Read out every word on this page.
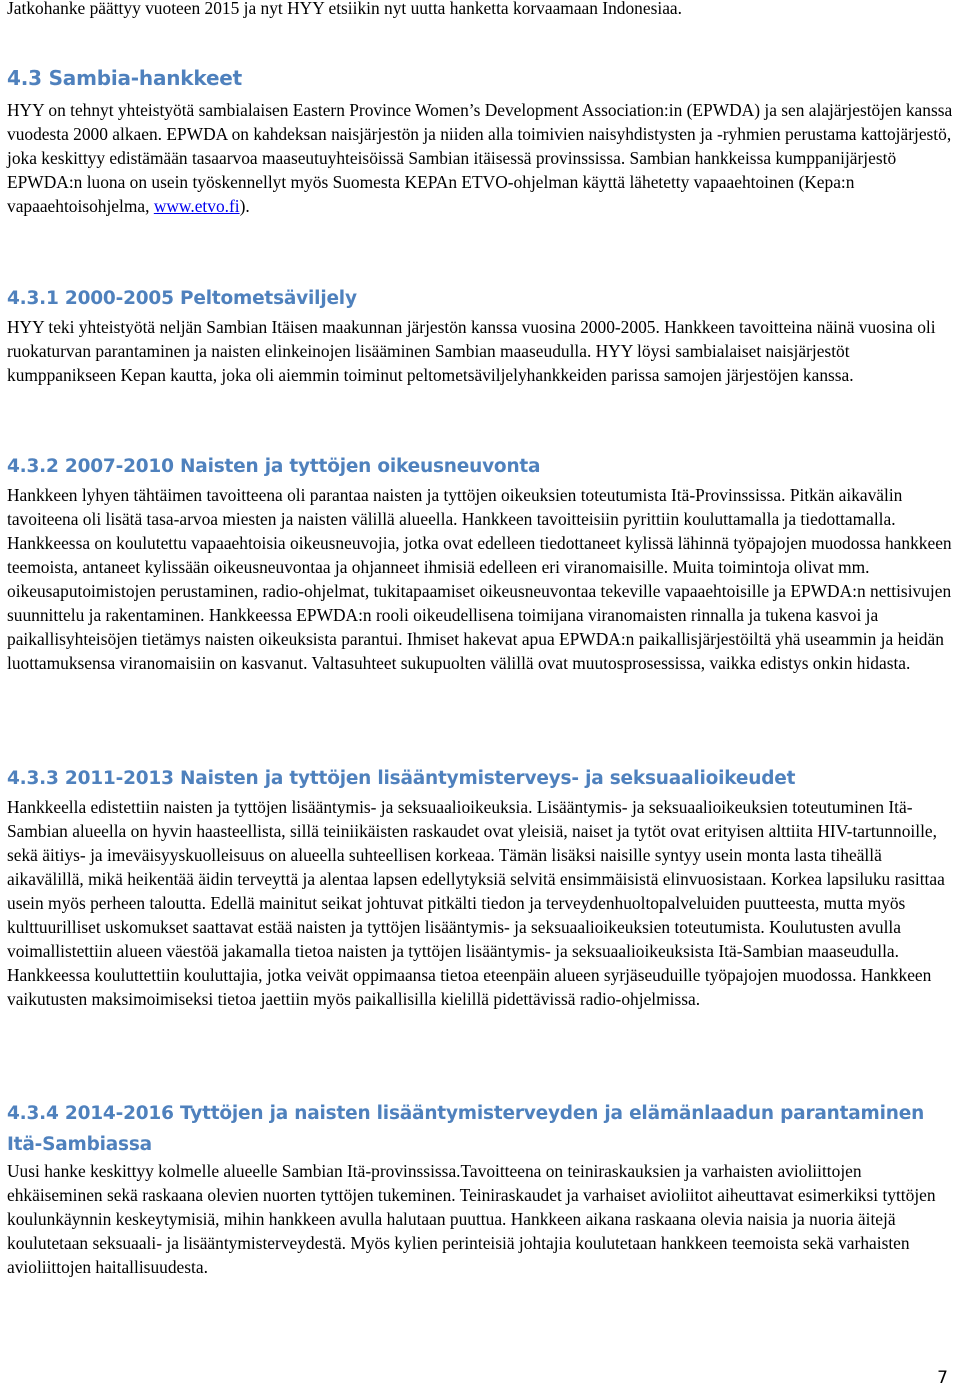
Jatkohanke päättyy vuoteen 2015 ja nyt HYY etsiikin nyt uutta hanketta korvaamaan Indonesiaa.

4.3 Sambia-hankkeet

HYY on tehnyt yhteistyötä sambialaisen Eastern Province Women’s Development Association:in (EPWDA) ja sen alajärjestöjen kanssa vuodesta 2000 alkaen. EPWDA on kahdeksan naisjärjestön ja niiden alla toimivien naisyhdistysten ja -ryhmien perustama kattojärjestö, joka keskittyy edistämään tasaarvoa maaseutuyhteisöissä Sambian itäisessä provinssissa. Sambian hankkeissa kumppanijärjestö EPWDA:n luona on usein työskennellyt myös Suomesta KEPAn ETVO-ohjelman käyttä lähetetty vapaaehtoinen (Kepa:n vapaaehtoisohjelma, www.etvo.fi).

4.3.1 2000-2005 Peltometsäviljely

HYY teki yhteistyötä neljän Sambian Itäisen maakunnan järjestön kanssa vuosina 2000-2005. Hankkeen tavoitteina näinä vuosina oli ruokaturvan parantaminen ja naisten elinkeinojen lisääminen Sambian maaseudulla. HYY löysi sambialaiset naisjärjestöt kumppanikseen Kepan kautta, joka oli aiemmin toiminut peltometsäviljelyhankkeiden parissa samojen järjestöjen kanssa.

4.3.2 2007-2010 Naisten ja tyttöjen oikeusneuvonta

Hankkeen lyhyen tähtäimen tavoitteena oli parantaa naisten ja tyttöjen oikeuksien toteutumista Itä-Provinssissa. Pitkän aikavälin tavoiteena oli lisätä tasa-arvoa miesten ja naisten välillä alueella. Hankkeen tavoitteisiin pyrittiin kouluttamalla ja tiedottamalla. Hankkeessa on koulutettu vapaaehtoisia oikeusneuvojia, jotka ovat edelleen tiedottaneet kylissä lähinnä työpajojen muodossa hankkeen teemoista, antaneet kylissään oikeusneuvontaa ja ohjanneet ihmisiä edelleen eri viranomaisille. Muita toimintoja olivat mm. oikeusaputoimistojen perustaminen, radio-ohjelmat, tukitapaamiset oikeusneuvontaa tekeville vapaaehtoisille ja EPWDA:n nettisivujen suunnittelu ja rakentaminen. Hankkeessa EPWDA:n rooli oikeudellisena toimijana viranomaisten rinnalla ja tukena kasvoi ja paikallisyhteisöjen tietämys naisten oikeuksista parantui. Ihmiset hakevat apua EPWDA:n paikallisjärjestöiltä yhä useammin ja heidän luottamuksensa viranomaisiin on kasvanut. Valtasuhteet sukupuolten välillä ovat muutosprosessissa, vaikka edistys onkin hidasta.

4.3.3 2011-2013 Naisten ja tyttöjen lisääntymisterveys- ja seksuaalioikeudet

Hankkeella edistettiin naisten ja tyttöjen lisääntymis- ja seksuaalioikeuksia. Lisääntymis- ja seksuaalioikeuksien toteutuminen Itä-Sambian alueella on hyvin haasteellista, sillä teiniikäisten raskaudet ovat yleisiä, naiset ja tytöt ovat erityisen alttiita HIV-tartunnoille, sekä äitiys- ja imeväisyyskuolleisuus on alueella suhteellisen korkeaa. Tämän lisäksi naisille syntyy usein monta lasta tiheällä aikavälillä, mikä heikentää äidin terveyttä ja alentaa lapsen edellytyksiä selvitä ensimmäisistä elinvuosistaan. Korkea lapsiluku rasittaa usein myös perheen taloutta. Edellä mainitut seikat johtuvat pitkälti tiedon ja terveydenhuoltopalveluiden puutteesta, mutta myös kulttuurilliset uskomukset saattavat estää naisten ja tyttöjen lisääntymis- ja seksuaalioikeuksien toteutumista. Koulutusten avulla voimallistettiin alueen väestöä jakamalla tietoa naisten ja tyttöjen lisääntymis- ja seksuaalioikeuksista Itä-Sambian maaseudulla. Hankkeessa kouluttettiin kouluttajia, jotka veivät oppimaansa tietoa eteenpäin alueen syrjäseuduille työpajojen muodossa. Hankkeen vaikutusten maksimoimiseksi tietoa jaettiin myös paikallisilla kielillä pidettävissä radio-ohjelmissa.

4.3.4 2014-2016 Tyttöjen ja naisten lisääntymisterveyden ja elämänlaadun parantaminen Itä-Sambiassa

Uusi hanke keskittyy kolmelle alueelle Sambian Itä-provinssissa.Tavoitteena on teiniraskauksien ja varhaisten avioliittojen ehkäiseminen sekä raskaana olevien nuorten tyttöjen tukeminen. Teiniraskaudet ja varhaiset avioliitot aiheuttavat esimerkiksi tyttöjen koulunkäynnin keskeytymisiä, mihin hankkeen avulla halutaan puuttua. Hankkeen aikana raskaana olevia naisia ja nuoria äitejä koulutetaan seksuaali- ja lisääntymisterveydestä. Myös kylien perinteisiä johtajia koulutetaan hankkeen teemoista sekä varhaisten avioliittojen haitallisuudesta.

7
